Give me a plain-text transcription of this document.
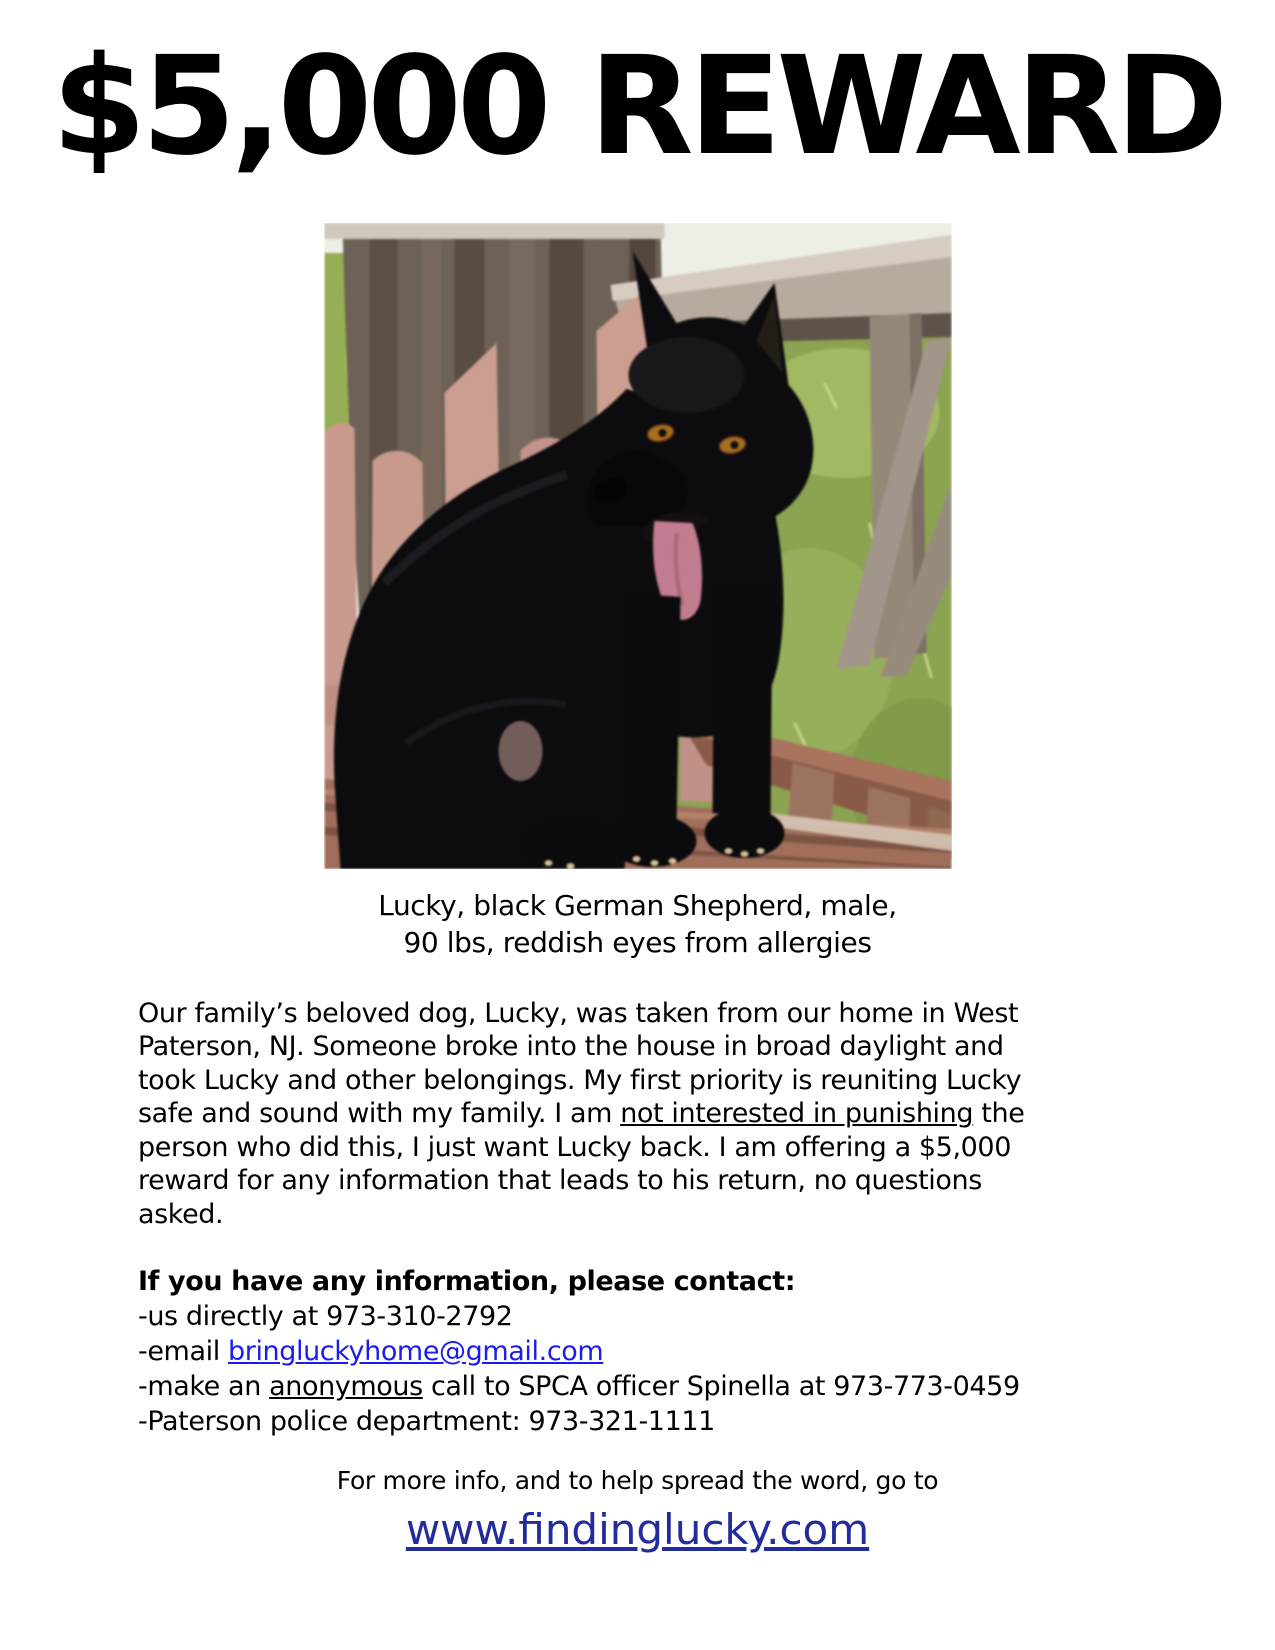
$5,000 REWARD
Lucky, black German Shepherd, male,
90 lbs, reddish eyes from allergies
Our family’s beloved dog, Lucky, was taken from our home in West
Paterson, NJ. Someone broke into the house in broad daylight and
took Lucky and other belongings. My first priority is reuniting Lucky
safe and sound with my family. I am not interested in punishing the
person who did this, I just want Lucky back. I am offering a $5,000
reward for any information that leads to his return, no questions
asked.
If you have any information, please contact:
-us directly at 973-310-2792
-email bringluckyhome@gmail.com
-make an anonymous call to SPCA officer Spinella at 973-773-0459
-Paterson police department: 973-321-1111
For more info, and to help spread the word, go to
www.findinglucky.com
